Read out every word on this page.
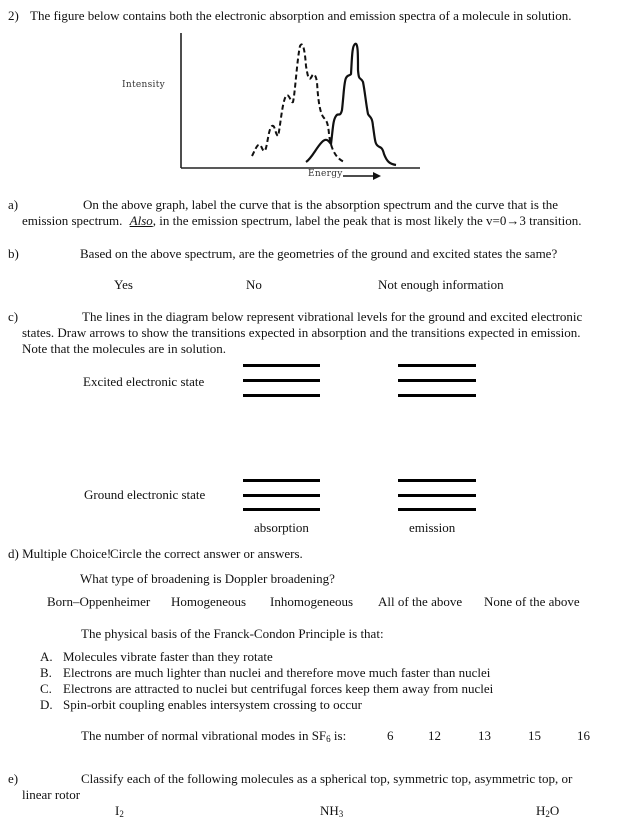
2) The figure below contains both the electronic absorption and emission spectra of a molecule in solution.
Intensity
Energy
a)	On the above graph, label the curve that is the absorption spectrum and the curve that is the
emission spectrum. Also, in the emission spectrum, label the peak that is most likely the v=0→3 transition.
b)	Based on the above spectrum, are the geometries of the ground and excited states the same?
Yes	No	Not enough information
c)	The lines in the diagram below represent vibrational levels for the ground and excited electronic
states. Draw arrows to show the transitions expected in absorption and the transitions expected in emission.
Note that the molecules are in solution.
Excited electronic state
Ground electronic state
absorption	emission
d) Multiple Choice!
Circle the correct answer or answers.
What type of broadening is Doppler broadening?
Born–Oppenheimer Homogeneous Inhomogeneous All of the above None of the above
The physical basis of the Franck-Condon Principle is that:
A. Molecules vibrate faster than they rotate
B. Electrons are much lighter than nuclei and therefore move much faster than nuclei
C. Electrons are attracted to nuclei but centrifugal forces keep them away from nuclei
D. Spin-orbit coupling enables intersystem crossing to occur
The number of normal vibrational modes in $SF_6$ is:	6	12	13	15	16
e)	Classify each of the following molecules as a spherical top, symmetric top, asymmetric top, or
linear rotor
$I_2$	$NH_3$	$H_2O$
